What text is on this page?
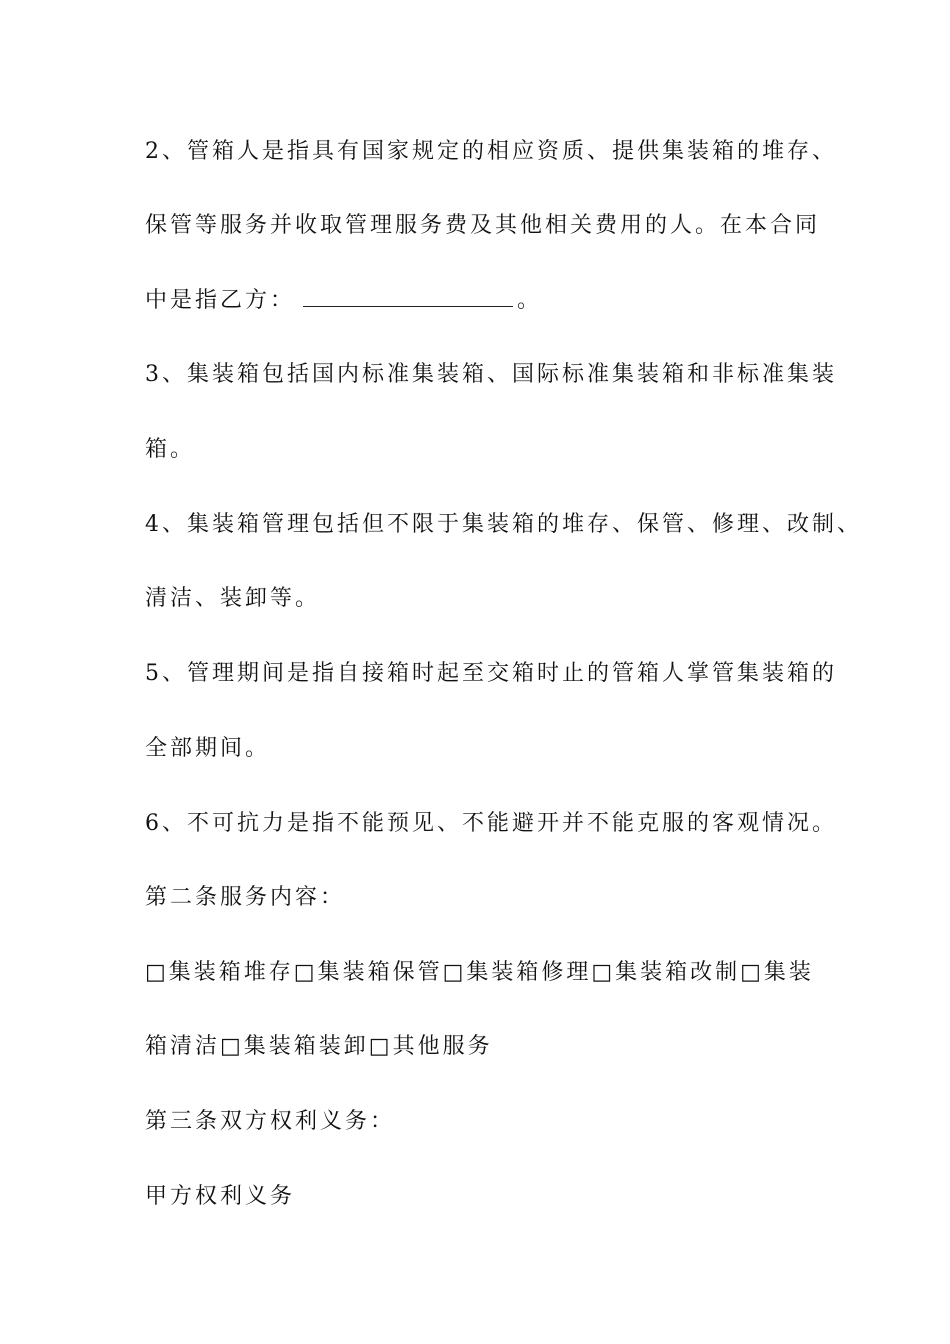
2、管箱人是指具有国家规定的相应资质、提供集装箱的堆存、
保管等服务并收取管理服务费及其他相关费用的人。在本合同
中是指乙方：	。
3、集装箱包括国内标准集装箱、国际标准集装箱和非标准集装
箱。
4、集装箱管理包括但不限于集装箱的堆存、保管、修理、改制、
清洁、装卸等。
5、管理期间是指自接箱时起至交箱时止的管箱人掌管集装箱的
全部期间。
6、不可抗力是指不能预见、不能避开并不能克服的客观情况。
第二条服务内容：
□集装箱堆存□集装箱保管□集装箱修理□集装箱改制□集装
箱清洁□集装箱装卸□其他服务
第三条双方权利义务：
甲方权利义务
